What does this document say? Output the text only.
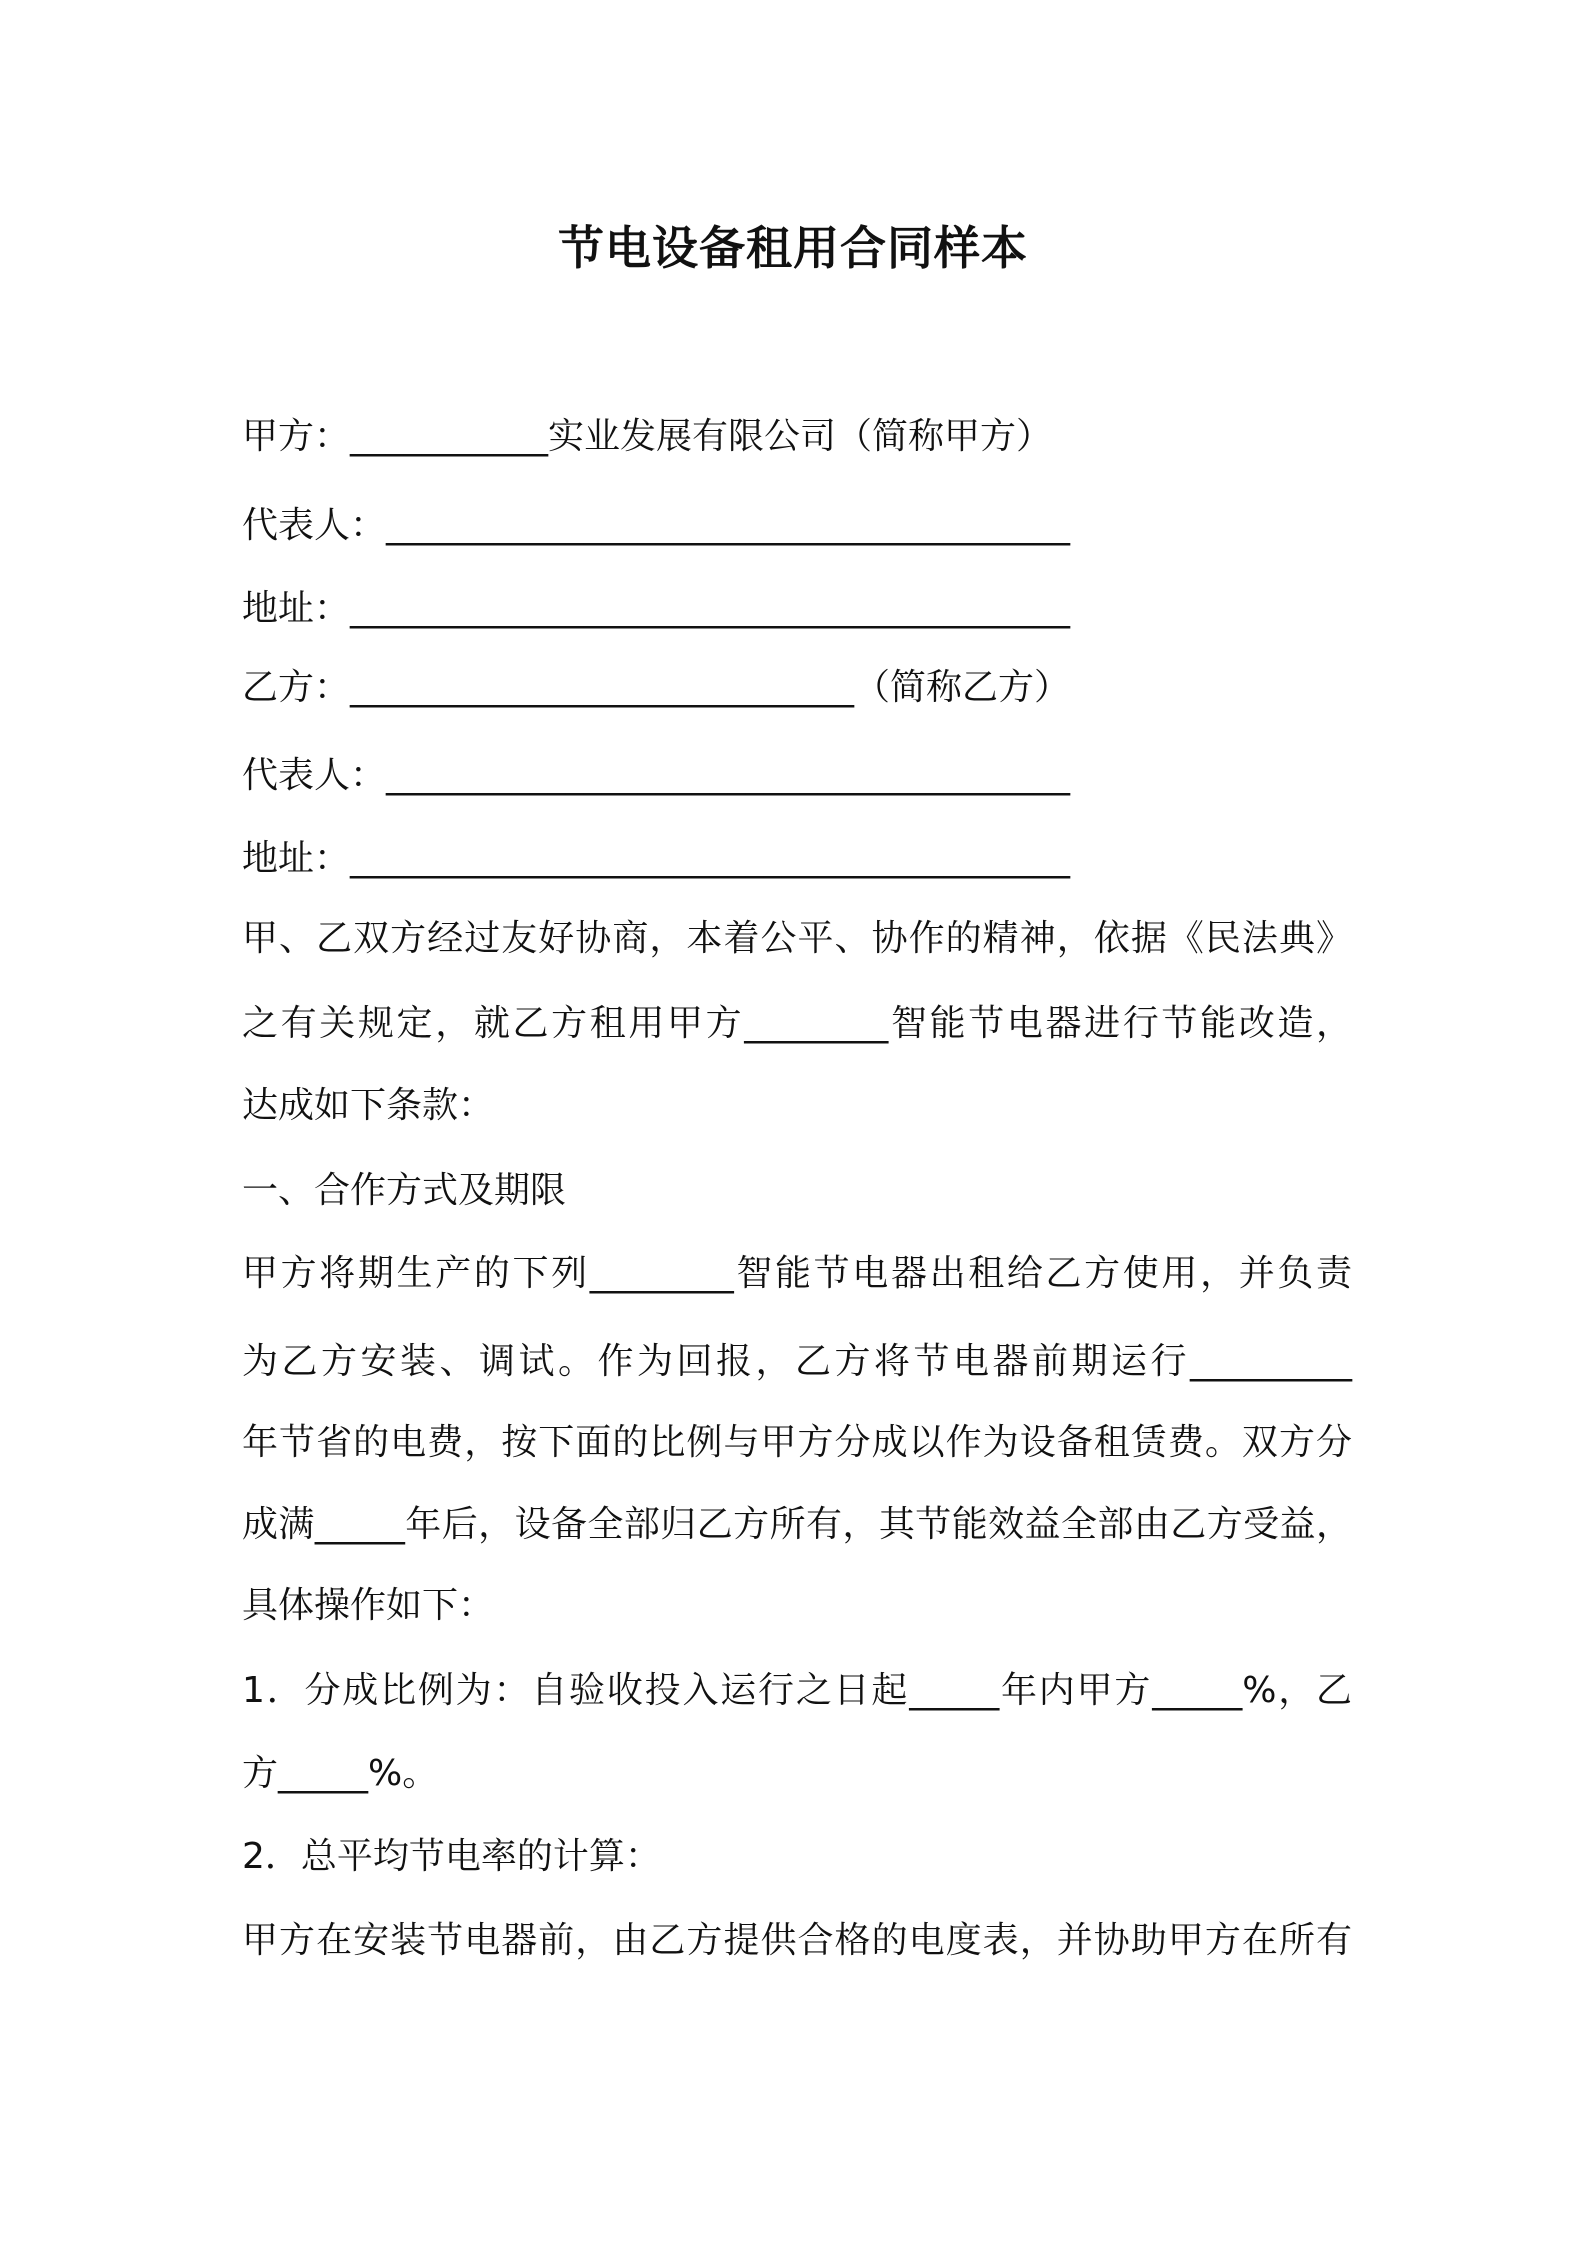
节电设备租用合同样本
甲方：___________实业发展有限公司（简称甲方）
代表人：______________________________________
地址：________________________________________
乙方：____________________________（简称乙方）
代表人：______________________________________
地址：________________________________________
甲、乙双方经过友好协商，本着公平、协作的精神，依据《民法典》
之有关规定，就乙方租用甲方________智能节电器进行节能改造，
达成如下条款：
一、合作方式及期限
甲方将期生产的下列________智能节电器出租给乙方使用，并负责
为乙方安装、调试。作为回报，乙方将节电器前期运行_________
年节省的电费，按下面的比例与甲方分成以作为设备租赁费。双方分
成满_____年后，设备全部归乙方所有，其节能效益全部由乙方受益，
具体操作如下：
1．分成比例为：自验收投入运行之日起_____年内甲方_____%，乙
方_____%。
2．总平均节电率的计算：
甲方在安装节电器前，由乙方提供合格的电度表，并协助甲方在所有
